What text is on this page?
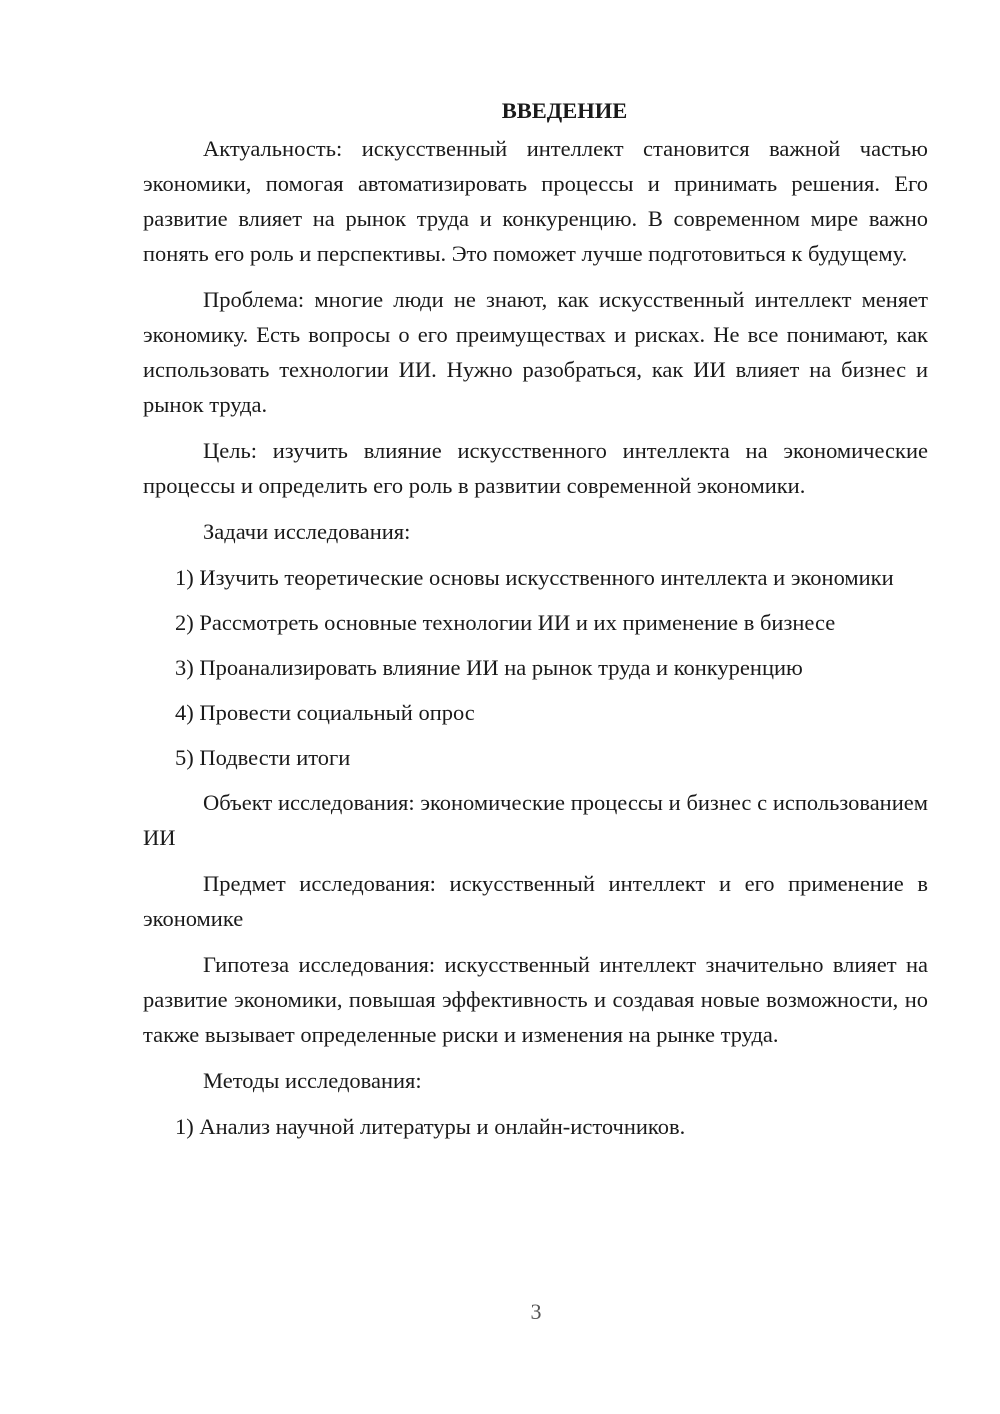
ВВЕДЕНИЕ

Актуальность: искусственный интеллект становится важной частью экономики, помогая автоматизировать процессы и принимать решения. Его развитие влияет на рынок труда и конкуренцию. В современном мире важно понять его роль и перспективы. Это поможет лучше подготовиться к будущему.

Проблема: многие люди не знают, как искусственный интеллект меняет экономику. Есть вопросы о его преимуществах и рисках. Не все понимают, как использовать технологии ИИ. Нужно разобраться, как ИИ влияет на бизнес и рынок труда.

Цель: изучить влияние искусственного интеллекта на экономические процессы и определить его роль в развитии современной экономики.

Задачи исследования:

1) Изучить теоретические основы искусственного интеллекта и экономики

2) Рассмотреть основные технологии ИИ и их применение в бизнесе

3) Проанализировать влияние ИИ на рынок труда и конкуренцию

4) Провести социальный опрос

5) Подвести итоги

Объект исследования: экономические процессы и бизнес с использованием ИИ

Предмет исследования: искусственный интеллект и его применение в экономике

Гипотеза исследования: искусственный интеллект значительно влияет на развитие экономики, повышая эффективность и создавая новые возможности, но также вызывает определенные риски и изменения на рынке труда.

Методы исследования:

1) Анализ научной литературы и онлайн-источников.

3
